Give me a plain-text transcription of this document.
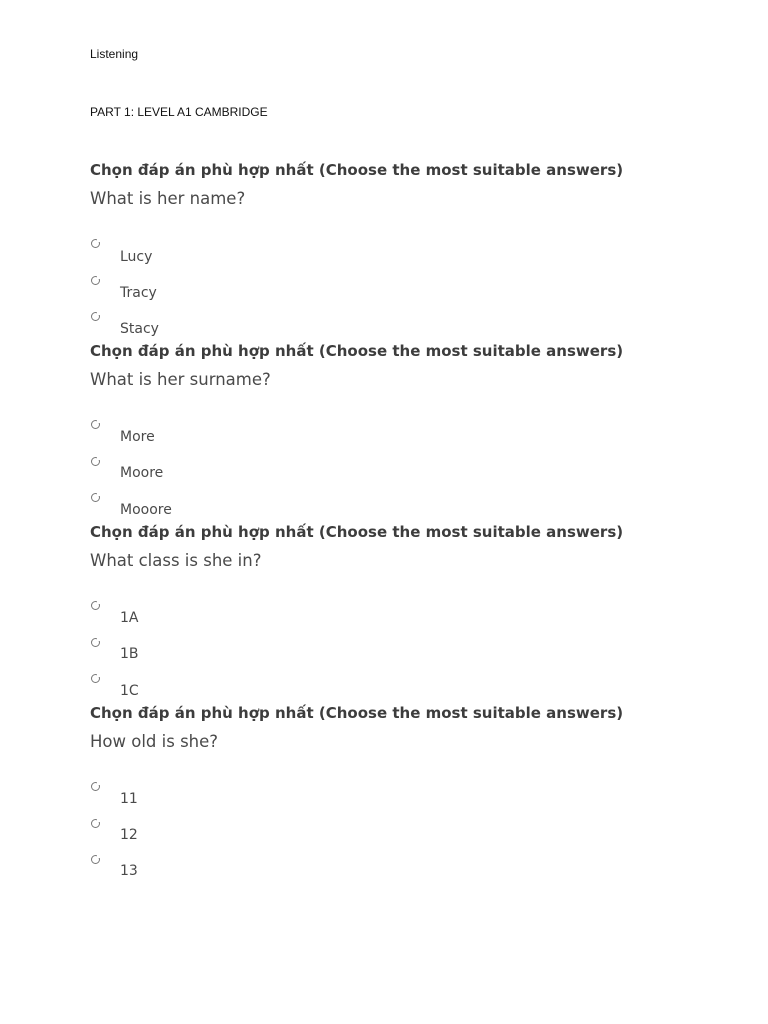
Listening

PART 1: LEVEL A1 CAMBRIDGE

Chọn đáp án phù hợp nhất (Choose the most suitable answers)

What is her name?

Lucy

Tracy

Stacy

Chọn đáp án phù hợp nhất (Choose the most suitable answers)

What is her surname?

More

Moore

Mooore

Chọn đáp án phù hợp nhất (Choose the most suitable answers)

What class is she in?

1A

1B

1C

Chọn đáp án phù hợp nhất (Choose the most suitable answers)

How old is she?

11

12

13
